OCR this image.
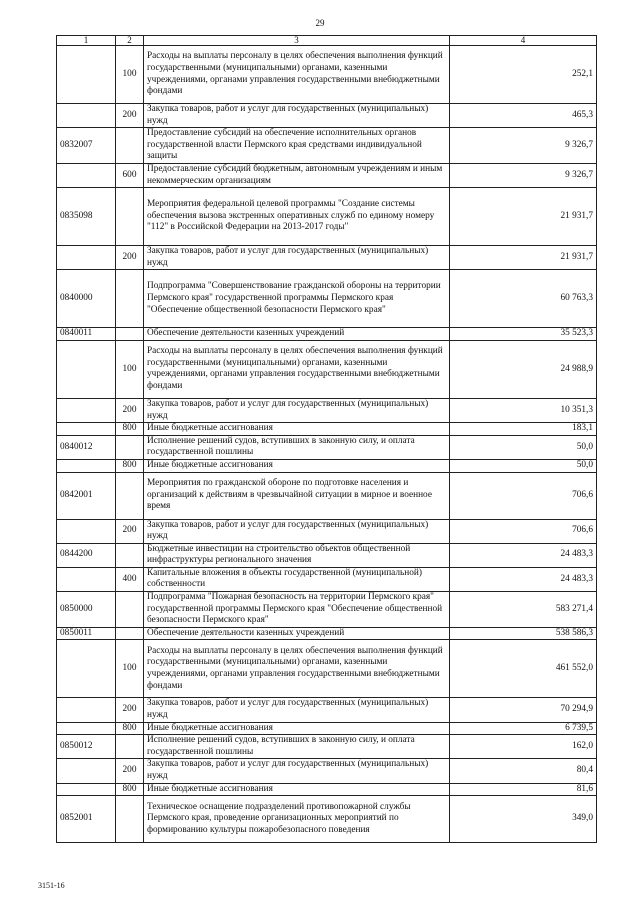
29
1	2	3	4
	100	Расходы на выплаты персоналу в целях обеспечения выполнения функций государственными (муниципальными) органами, казенными учреждениями, органами управления государственными внебюджетными фондами	252,1
	200	Закупка товаров, работ и услуг для государственных (муниципальных) нужд	465,3
0832007		Предоставление субсидий на обеспечение исполнительных органов государственной власти Пермского края средствами индивидуальной защиты	9 326,7
	600	Предоставление субсидий бюджетным, автономным учреждениям и иным некоммерческим организациям	9 326,7
0835098		Мероприятия федеральной целевой программы "Создание системы обеспечения вызова экстренных оперативных служб по единому номеру "112" в Российской Федерации на 2013-2017 годы"	21 931,7
	200	Закупка товаров, работ и услуг для государственных (муниципальных) нужд	21 931,7
0840000		Подпрограмма "Совершенствование гражданской обороны на территории Пермского края" государственной программы Пермского края "Обеспечение общественной безопасности Пермского края"	60 763,3
0840011		Обеспечение деятельности казенных учреждений	35 523,3
	100	Расходы на выплаты персоналу в целях обеспечения выполнения функций государственными (муниципальными) органами, казенными учреждениями, органами управления государственными внебюджетными фондами	24 988,9
	200	Закупка товаров, работ и услуг для государственных (муниципальных) нужд	10 351,3
	800	Иные бюджетные ассигнования	183,1
0840012		Исполнение решений судов, вступивших в законную силу, и оплата государственной пошлины	50,0
	800	Иные бюджетные ассигнования	50,0
0842001		Мероприятия по гражданской обороне по подготовке населения и организаций к действиям в чрезвычайной ситуации в мирное и военное время	706,6
	200	Закупка товаров, работ и услуг для государственных (муниципальных) нужд	706,6
0844200		Бюджетные инвестиции на строительство объектов общественной инфраструктуры регионального значения	24 483,3
	400	Капитальные вложения в объекты государственной (муниципальной) собственности	24 483,3
0850000		Подпрограмма "Пожарная безопасность на территории Пермского края" государственной программы Пермского края "Обеспечение общественной безопасности Пермского края"	583 271,4
0850011		Обеспечение деятельности казенных учреждений	538 586,3
	100	Расходы на выплаты персоналу в целях обеспечения выполнения функций государственными (муниципальными) органами, казенными учреждениями, органами управления государственными внебюджетными фондами	461 552,0
	200	Закупка товаров, работ и услуг для государственных (муниципальных) нужд	70 294,9
	800	Иные бюджетные ассигнования	6 739,5
0850012		Исполнение решений судов, вступивших в законную силу, и оплата государственной пошлины	162,0
	200	Закупка товаров, работ и услуг для государственных (муниципальных) нужд	80,4
	800	Иные бюджетные ассигнования	81,6
0852001		Техническое оснащение подразделений противопожарной службы Пермского края, проведение организационных мероприятий по формированию культуры пожаробезопасного поведения	349,0
3151-16
